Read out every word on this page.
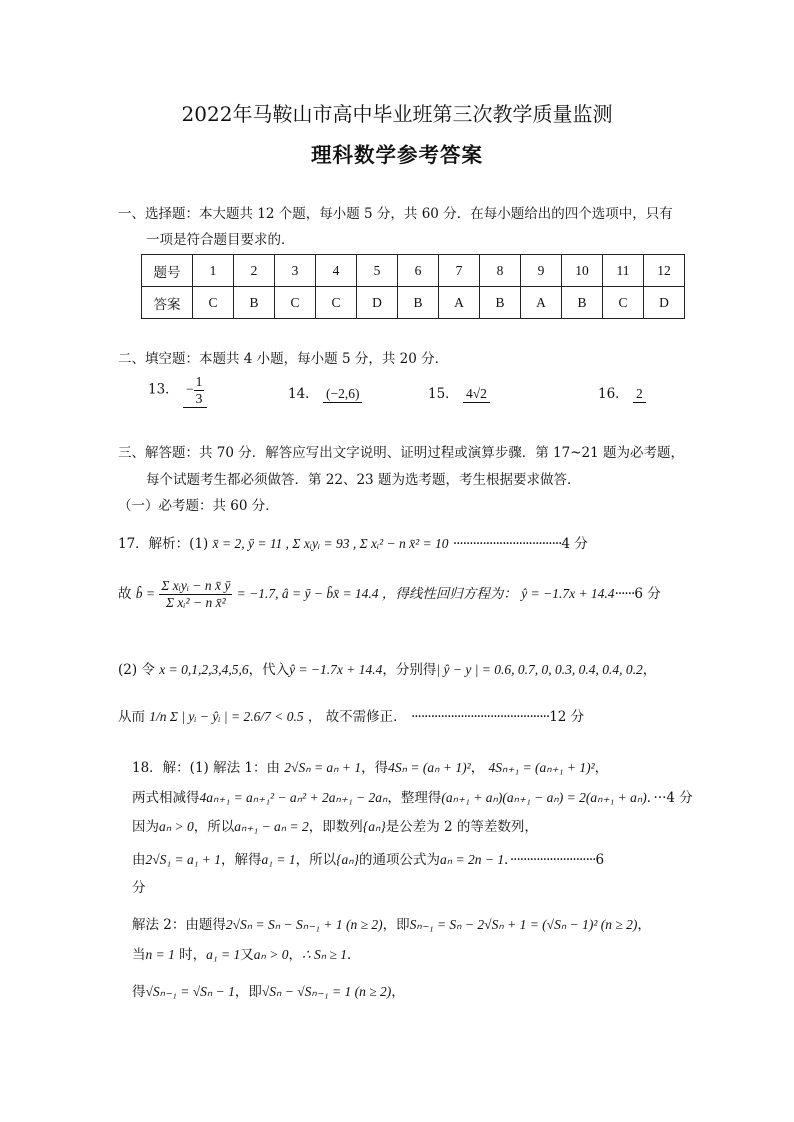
2022年马鞍山市高中毕业班第三次教学质量监测
理科数学参考答案
一、选择题：本大题共 12 个题，每小题 5 分，共 60 分．在每小题给出的四个选项中，只有
一项是符合题目要求的．
题号	1	2	3	4	5	6	7	8	9	10	11	12
答案	C	B	C	C	D	B	A	B	A	B	C	D
二、填空题：本题共 4 小题，每小题 5 分，共 20 分．
13． − $\frac{1}{3}$	14． (−2,6)	15． 4√2	16． 2
三、解答题：共 70 分．解答应写出文字说明、证明过程或演算步骤．第 17~21 题为必考题，
每个试题考生都必须做答．第 22、23 题为选考题，考生根据要求做答．
（一）必考题：共 60 分．
17．解析：(1) x̄ = 2, ȳ = 11 , Σ xᵢyᵢ = 93 , Σ xᵢ² − n x̄² = 10 ·································4 分
故 b̂ = $\frac{\text{Σ xᵢyᵢ − n x̄ ȳ}}{\text{Σ xᵢ² − n x̄²}} = -1.7$, â = ȳ − b̂x̄ = 14.4 ，得线性回归方程为： ŷ = −1.7x + 14.4······6 分
(2) 令 x = 0,1,2,3,4,5,6，代入ŷ = −1.7x + 14.4，分别得| ŷ − y | = 0.6, 0.7, 0, 0.3, 0.4, 0.4, 0.2，
从而 1/n Σ | yᵢ − ŷᵢ | = 2.6/7 < 0.5 ， 故不需修正． ··········································12 分
18．解：(1) 解法 1：由 2√Sₙ = aₙ + 1，得4Sₙ = (aₙ + 1)²， 4Sₙ₊₁ = (aₙ₊₁ + 1)²，
两式相减得4aₙ₊₁ = aₙ₊₁² − aₙ² + 2aₙ₊₁ − 2aₙ，整理得(aₙ₊₁ + aₙ)(aₙ₊₁ − aₙ) = 2(aₙ₊₁ + aₙ)．···4 分
因为aₙ > 0，所以aₙ₊₁ − aₙ = 2，即数列{aₙ}是公差为 2 的等差数列，
由2√S₁ = a₁ + 1，解得a₁ = 1，所以{aₙ}的通项公式为aₙ = 2n − 1．··························6
分
解法 2：由题得2√Sₙ = Sₙ − Sₙ₋₁ + 1 (n ≥ 2)，即Sₙ₋₁ = Sₙ − 2√Sₙ + 1 = (√Sₙ − 1)² (n ≥ 2)，
当n = 1 时，a₁ = 1又aₙ > 0，∴ Sₙ ≥ 1．
得√Sₙ₋₁ = √Sₙ − 1，即√Sₙ − √Sₙ₋₁ = 1 (n ≥ 2)，
